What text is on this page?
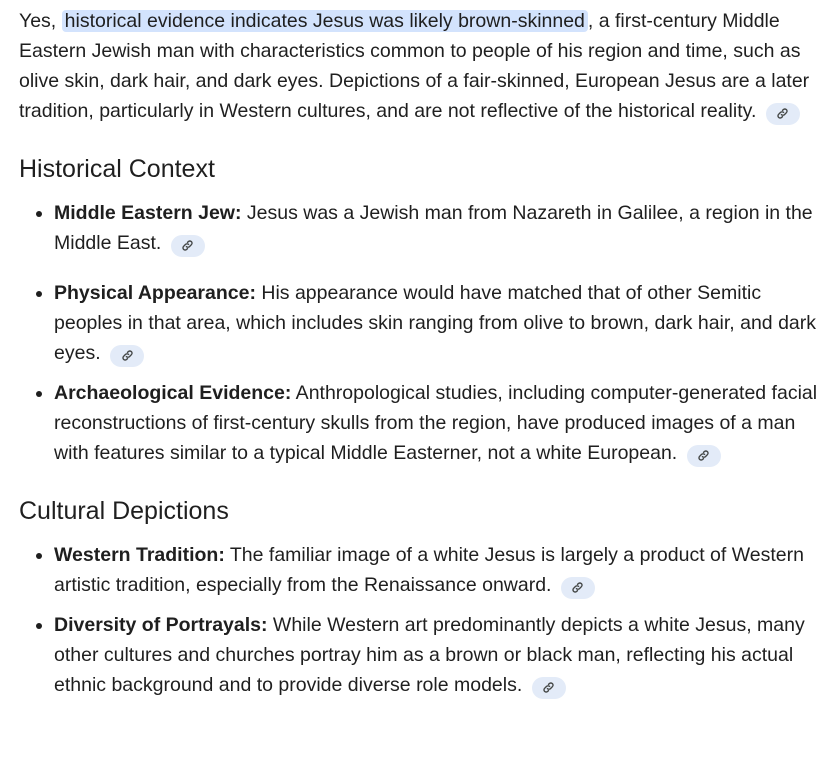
Yes, historical evidence indicates Jesus was likely brown-skinned , a first-century Middle Eastern Jewish man with characteristics common to people of his region and time, such as olive skin, dark hair, and dark eyes. Depictions of a fair-skinned, European Jesus are a later tradition, particularly in Western cultures, and are not reflective of the historical reality.

Historical Context
• Middle Eastern Jew: Jesus was a Jewish man from Nazareth in Galilee, a region in the Middle East.
• Physical Appearance: His appearance would have matched that of other Semitic peoples in that area, which includes skin ranging from olive to brown, dark hair, and dark eyes.
• Archaeological Evidence: Anthropological studies, including computer-generated facial reconstructions of first-century skulls from the region, have produced images of a man with features similar to a typical Middle Easterner, not a white European.
Cultural Depictions
• Western Tradition: The familiar image of a white Jesus is largely a product of Western artistic tradition, especially from the Renaissance onward.
• Diversity of Portrayals: While Western art predominantly depicts a white Jesus, many other cultures and churches portray him as a brown or black man, reflecting his actual ethnic background and to provide diverse role models.
